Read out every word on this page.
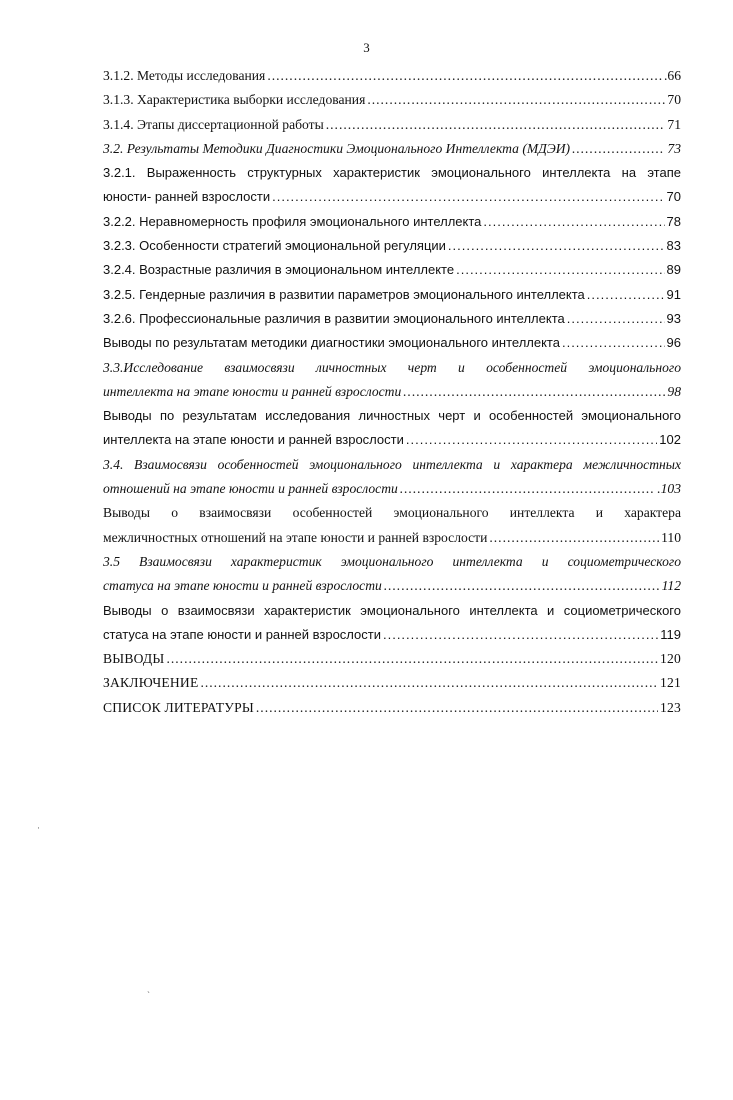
3
3.1.2. Методы исследования .....	.66
3.1.3. Характеристика выборки исследования .....	70
3.1.4. Этапы диссертационной работы .....	71
3.2. Результаты Методики Диагностики Эмоционального Интеллекта (МДЭИ) .....	73
3.2.1. Выраженность структурных характеристик эмоционального интеллекта на этапе
юности- ранней взрослости .....	70
3.2.2. Неравномерность профиля эмоционального интеллекта .....	78
3.2.3. Особенности стратегий эмоциональной регуляции .....	83
3.2.4. Возрастные различия в эмоциональном интеллекте .....	89
3.2.5. Гендерные различия в развитии параметров эмоционального интеллекта .....	91
3.2.6. Профессиональные различия в развитии эмоционального интеллекта .....	93
Выводы по результатам методики диагностики эмоционального интеллекта .....	96
3.3.Исследование взаимосвязи личностных черт и особенностей эмоционального
интеллекта на этапе юности и ранней взрослости .....	98
Выводы по результатам исследования личностных черт и особенностей эмоционального
интеллекта на этапе юности и ранней взрослости .....	102
3.4. Взаимосвязи особенностей эмоционального интеллекта и характера межличностных
отношений на этапе юности и ранней взрослости .....	.103
Выводы о взаимосвязи особенностей эмоционального интеллекта и характера
межличностных отношений на этапе юности и ранней взрослости .....	110
3.5 Взаимосвязи характеристик эмоционального интеллекта и социометрического
статуса на этапе юности и ранней взрослости .....	112
Выводы о взаимосвязи характеристик эмоционального интеллекта и социометрического
статуса на этапе юности и ранней взрослости .....	119
ВЫВОДЫ .....	120
ЗАКЛЮЧЕНИЕ .....	121
СПИСОК ЛИТЕРАТУРЫ .....	123
·
`
